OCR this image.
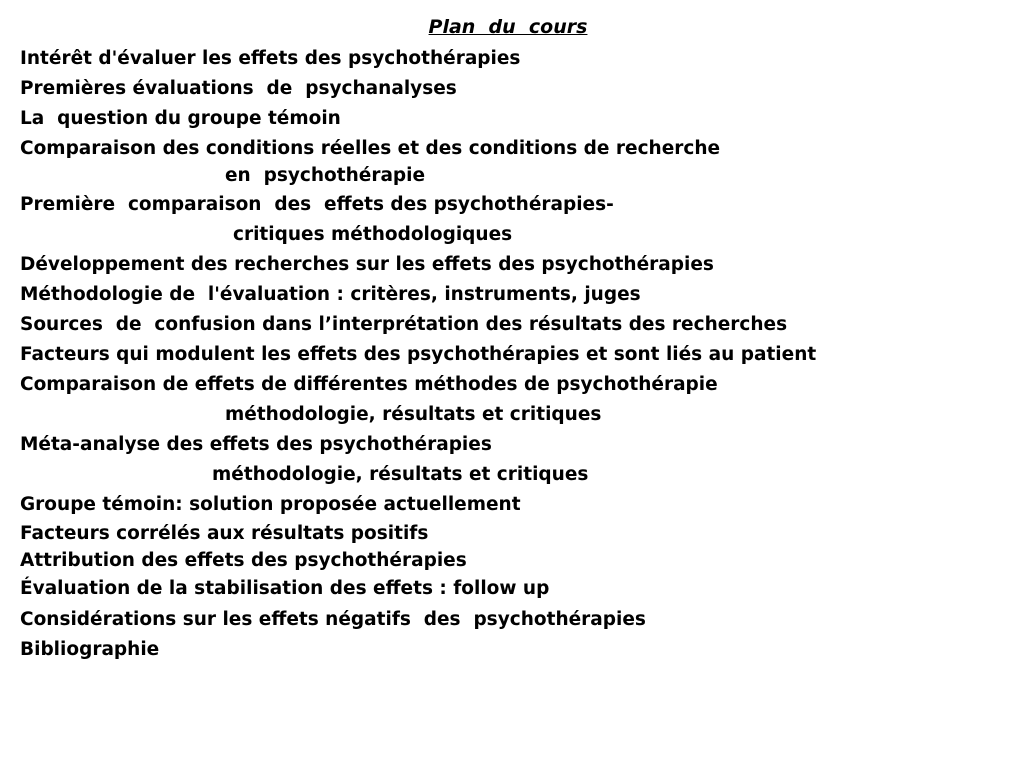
Plan  du  cours
Intérêt d'évaluer les effets des psychothérapies
Premières évaluations  de  psychanalyses
La  question du groupe témoin
Comparaison des conditions réelles et des conditions de recherche
en  psychothérapie
Première  comparaison  des  effets des psychothérapies-
critiques méthodologiques
Développement des recherches sur les effets des psychothérapies
Méthodologie de  l'évaluation : critères, instruments, juges
Sources  de  confusion dans l’interprétation des résultats des recherches
Facteurs qui modulent les effets des psychothérapies et sont liés au patient
Comparaison de effets de différentes méthodes de psychothérapie
méthodologie, résultats et critiques
Méta-analyse des effets des psychothérapies
méthodologie, résultats et critiques
Groupe témoin: solution proposée actuellement
Facteurs corrélés aux résultats positifs
Attribution des effets des psychothérapies
Évaluation de la stabilisation des effets : follow up
Considérations sur les effets négatifs  des  psychothérapies
Bibliographie
